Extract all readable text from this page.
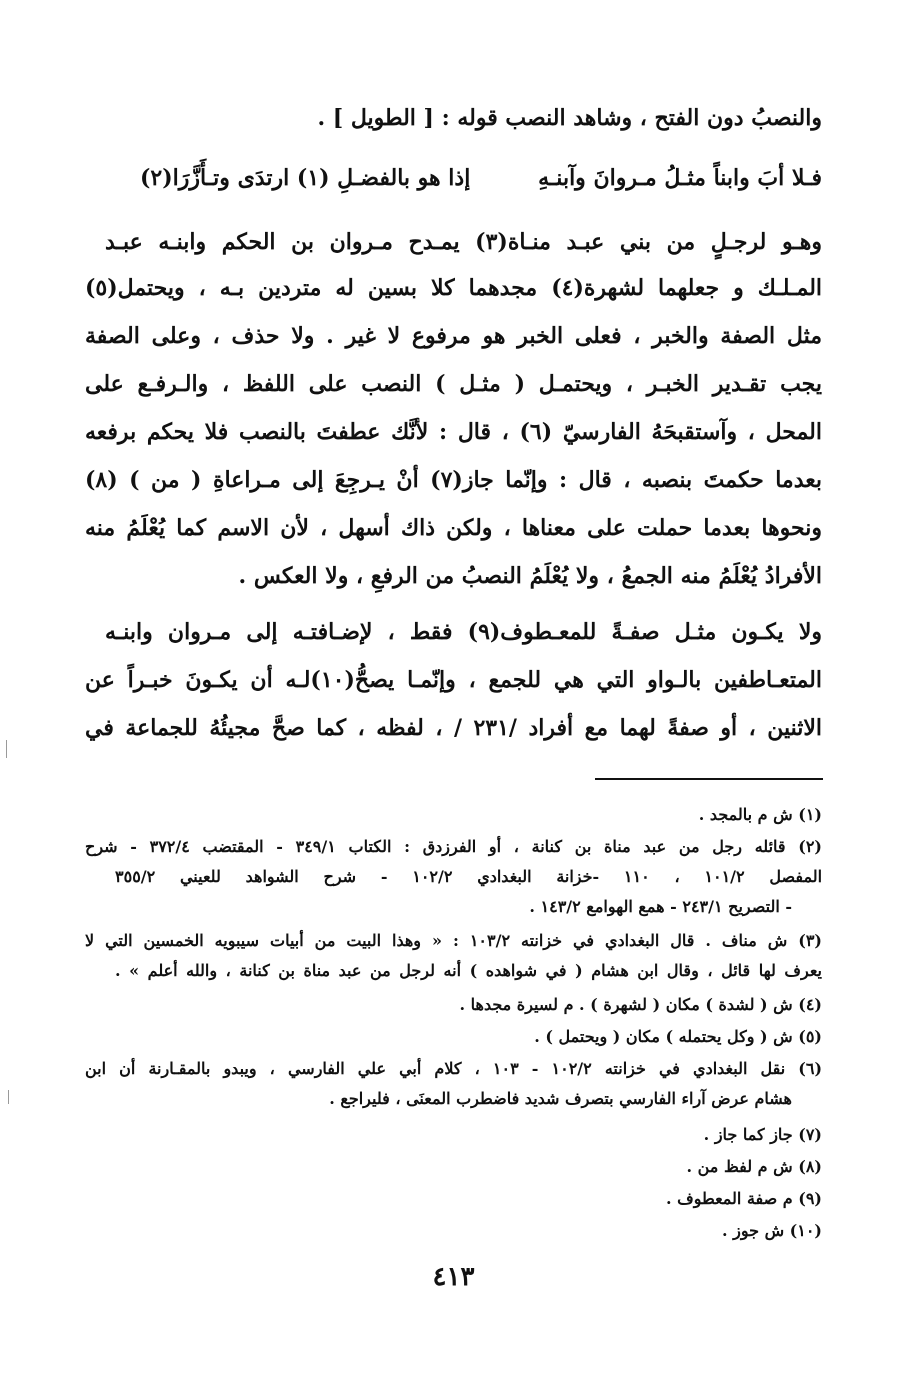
والنصبُ دون الفتح ، وشاهد النصب قوله : [ الطويل ] .
فـلا أبَ وابناً مثـلُ مـروانَ وآبنـهِ
إذا هو بالفضـلِ (١) ارتدَى وتـأَزَّرَا(٢)
وهـو لرجـلٍ من بني عبـد منـاة(٣) يمـدح مـروان بن الحكم وابنـه عبـد
المـلـك و جعلهما لشهرة(٤) مجدهما كلا بسين له متردين بـه ، ويحتمل(٥)
مثل الصفة والخبر ، فعلى الخبر هو مرفوع لا غير . ولا حذف ، وعلى الصفة
يجب تقـدير الخبـر ، ويحتمـل ( مثـل ) النصب على اللفظ ، والـرفـع على
المحل ، وآستقبحَهُ الفارسيّ (٦) ، قال : لأنَّك عطفتَ بالنصب فلا يحكم برفعه
بعدما حكمتَ بنصبه ، قال : وإنّما جاز(٧) أنْ يـرجِعَ إلى مـراعاةِ ( من ) (٨)
ونحوها بعدما حملت على معناها ، ولكن ذاك أسهل ، لأن الاسم كما يُعْلَمُ منه
الأفرادُ يُعْلَمُ منه الجمعُ ، ولا يُعْلَمُ النصبُ من الرفعِ ، ولا العكس .
ولا يكـون مثـل صفـةً للمعـطوف(٩) فقط ، لإضـافتـه إلى مـروان وابنـه
المتعـاطفين بالـواو التي هي للجمع ، وإنّمـا يصحُّ(١٠)لـه أن يكـونَ خبـراً عن
الاثنين ، أو صفةً لهما مع أفراد /٢٣١ / ، لفظه ، كما صحَّ مجيئُهُ للجماعة في
(١) ش م بالمجد .
(٢) قائله رجل من عبد مناة بن كنانة ، أو الفرزدق : الكتاب ٣٤٩/١ - المقتضب ٣٧٢/٤ - شرح
المفصل ١٠١/٢ ، ١١٠ -خزانة البغدادي ١٠٢/٢ - شرح الشواهد للعيني ٣٥٥/٢
- التصريح ٢٤٣/١ - همع الهوامع ١٤٣/٢ .
(٣) ش مناف . قال البغدادي في خزانته ١٠٣/٢ : « وهذا البيت من أبيات سيبويه الخمسين التي لا
يعرف لها قائل ، وقال ابن هشام ( في شواهده ) أنه لرجل من عبد مناة بن كنانة ، والله أعلم » .
(٤) ش ( لشدة ) مكان ( لشهرة ) . م لسيرة مجدها .
(٥) ش ( وكل يحتمله ) مكان ( ويحتمل ) .
(٦) نقل البغدادي في خزانته ١٠٢/٢ - ١٠٣ ، كلام أبي علي الفارسي ، ويبدو بالمقـارنة أن ابن
هشام عرض آراء الفارسي بتصرف شديد فاضطرب المعنَى ، فليراجع .
(٧) جاز كما جاز .
(٨) ش م لفظ من .
(٩) م صفة المعطوف .
(١٠) ش جوز .
٤١٣
